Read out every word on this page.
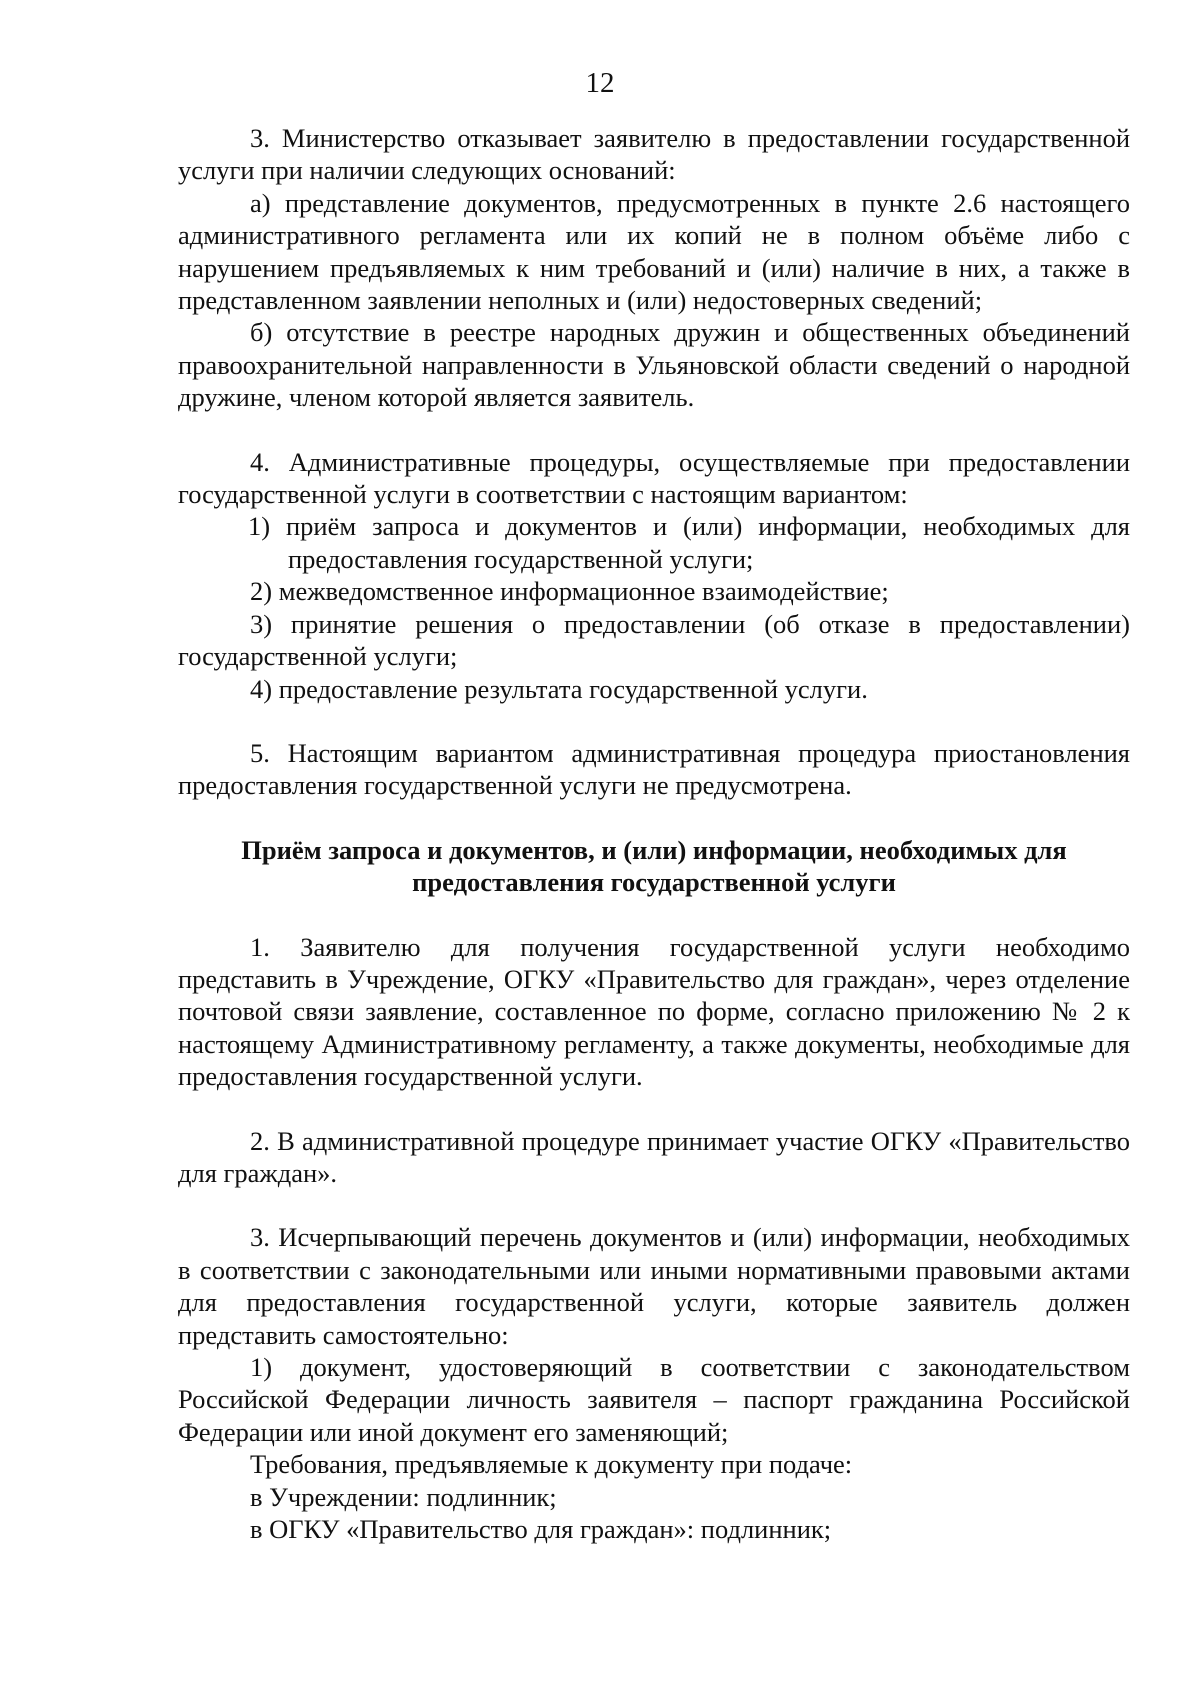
12

3. Министерство отказывает заявителю в предоставлении государственной услуги при наличии следующих оснований:

а) представление документов, предусмотренных в пункте 2.6 настоящего административного регламента или их копий не в полном объёме либо с нарушением предъявляемых к ним требований и (или) наличие в них, а также в представленном заявлении неполных и (или) недостоверных сведений;

б) отсутствие в реестре народных дружин и общественных объединений правоохранительной направленности в Ульяновской области сведений о народной дружине, членом которой является заявитель.

4. Административные процедуры, осуществляемые при предоставлении государственной услуги в соответствии с настоящим вариантом:

1) приём запроса и документов и (или) информации, необходимых для предоставления государственной услуги;

2) межведомственное информационное взаимодействие;

3) принятие решения о предоставлении (об отказе в предоставлении) государственной услуги;

4) предоставление результата государственной услуги.

5. Настоящим вариантом административная процедура приостановления предоставления государственной услуги не предусмотрена.

Приём запроса и документов, и (или) информации, необходимых для предоставления государственной услуги

1. Заявителю для получения государственной услуги необходимо представить в Учреждение, ОГКУ «Правительство для граждан», через отделение почтовой связи заявление, составленное по форме, согласно приложению № 2 к настоящему Административному регламенту, а также документы, необходимые для предоставления государственной услуги.

2. В административной процедуре принимает участие ОГКУ «Правительство для граждан».

3. Исчерпывающий перечень документов и (или) информации, необходимых в соответствии с законодательными или иными нормативными правовыми актами для предоставления государственной услуги, которые заявитель должен представить самостоятельно:

1) документ, удостоверяющий в соответствии с законодательством Российской Федерации личность заявителя – паспорт гражданина Российской Федерации или иной документ его заменяющий;

Требования, предъявляемые к документу при подаче:

в Учреждении: подлинник;

в ОГКУ «Правительство для граждан»: подлинник;
